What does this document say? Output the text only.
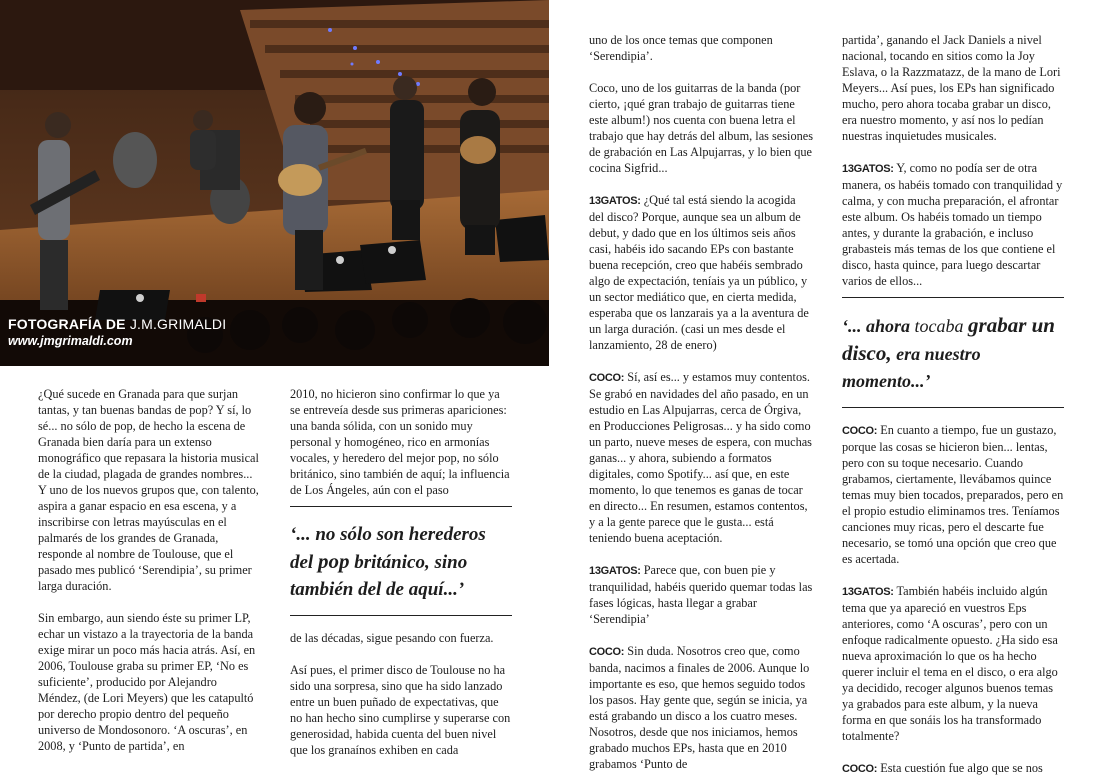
FOTOGRAFÍA DE J.M.GRIMALDI
www.jmgrimaldi.com

¿Qué sucede en Granada para que surjan tantas, y tan buenas bandas de pop? Y sí, lo sé... no sólo de pop, de hecho la escena de Granada bien daría para un extenso monográfico que repasara la historia musical de la ciudad, plagada de grandes nombres... Y uno de los nuevos grupos que, con talento, aspira a ganar espacio en esa escena, y a inscribirse con letras mayúsculas en el palmarés de los grandes de Granada, responde al nombre de Toulouse, que el pasado mes publicó ‘Serendipia’, su primer larga duración.

Sin embargo, aun siendo éste su primer LP, echar un vistazo a la trayectoria de la banda exige mirar un poco más hacia atrás. Así, en 2006, Toulouse graba su primer EP, ‘No es suficiente’, producido por Alejandro Méndez, (de Lori Meyers) que les catapultó por derecho propio dentro del pequeño universo de Mondosonoro. ‘A oscuras’, en 2008, y ‘Punto de partida’, en

2010, no hicieron sino confirmar lo que ya se entreveía desde sus primeras apariciones: una banda sólida, con un sonido muy personal y homogéneo, rico en armonías vocales, y heredero del mejor pop, no sólo británico, sino también de aquí; la influencia de Los Ángeles, aún con el paso

‘... no sólo son herederos del pop británico, sino también del de aquí...’

de las décadas, sigue pesando con fuerza.

Así pues, el primer disco de Toulouse no ha sido una sorpresa, sino que ha sido lanzado entre un buen puñado de expectativas, que no han hecho sino cumplirse y superarse con generosidad, habida cuenta del buen nivel que los granaínos exhiben en cada

uno de los once temas que componen ‘Serendipia’.

Coco, uno de los guitarras de la banda (por cierto, ¡qué gran trabajo de guitarras tiene este album!) nos cuenta con buena letra el trabajo que hay detrás del album, las sesiones de grabación en Las Alpujarras, y lo bien que cocina Sigfrid...

13GATOS: ¿Qué tal está siendo la acogida del disco? Porque, aunque sea un album de debut, y dado que en los últimos seis años casi, habéis ido sacando EPs con bastante buena recepción, creo que habéis sembrado algo de expectación, teníais ya un público, y un sector mediático que, en cierta medida, esperaba que os lanzarais ya a la aventura de un larga duración. (casi un mes desde el lanzamiento, 28 de enero)

COCO: Sí, así es... y estamos muy contentos. Se grabó en navidades del año pasado, en un estudio en Las Alpujarras, cerca de Órgiva, en Producciones Peligrosas... y ha sido como un parto, nueve meses de espera, con muchas ganas... y ahora, subiendo a formatos digitales, como Spotify... así que, en este momento, lo que tenemos es ganas de tocar en directo... En resumen, estamos contentos, y a la gente parece que le gusta... está teniendo buena aceptación.

13GATOS: Parece que, con buen pie y tranquilidad, habéis querido quemar todas las fases lógicas, hasta llegar a grabar ‘Serendipia’

COCO: Sin duda. Nosotros creo que, como banda, nacimos a finales de 2006. Aunque lo importante es eso, que hemos seguido todos los pasos. Hay gente que, según se inicia, ya está grabando un disco a los cuatro meses. Nosotros, desde que nos iniciamos, hemos grabado muchos EPs, hasta que en 2010 grabamos ‘Punto de

partida’, ganando el Jack Daniels a nivel nacional, tocando en sitios como la Joy Eslava, o la Razzmatazz, de la mano de Lori Meyers... Así pues, los EPs han significado mucho, pero ahora tocaba grabar un disco, era nuestro momento, y así nos lo pedían nuestras inquietudes musicales.

13GATOS: Y, como no podía ser de otra manera, os habéis tomado con tranquilidad y calma, y con mucha preparación, el afrontar este album. Os habéis tomado un tiempo antes, y durante la grabación, e incluso grabasteis más temas de los que contiene el disco, hasta quince, para luego descartar varios de ellos...

‘... ahora tocaba grabar un disco, era nuestro momento...’

COCO: En cuanto a tiempo, fue un gustazo, porque las cosas se hicieron bien... lentas, pero con su toque necesario. Cuando grabamos, ciertamente, llevábamos quince temas muy bien tocados, preparados, pero en el propio estudio eliminamos tres. Teníamos canciones muy ricas, pero el descarte fue necesario, se tomó una opción que creo que es acertada.

13GATOS: También habéis incluido algún tema que ya apareció en vuestros Eps anteriores, como ‘A oscuras’, pero con un enfoque radicalmente opuesto. ¿Ha sido esa nueva aproximación lo que os ha hecho querer incluir el tema en el disco, o era algo ya decidido, recoger algunos buenos temas ya grabados para este album, y la nueva forma en que sonáis los ha transformado totalmente?

COCO: Esta cuestión fue algo que se nos
